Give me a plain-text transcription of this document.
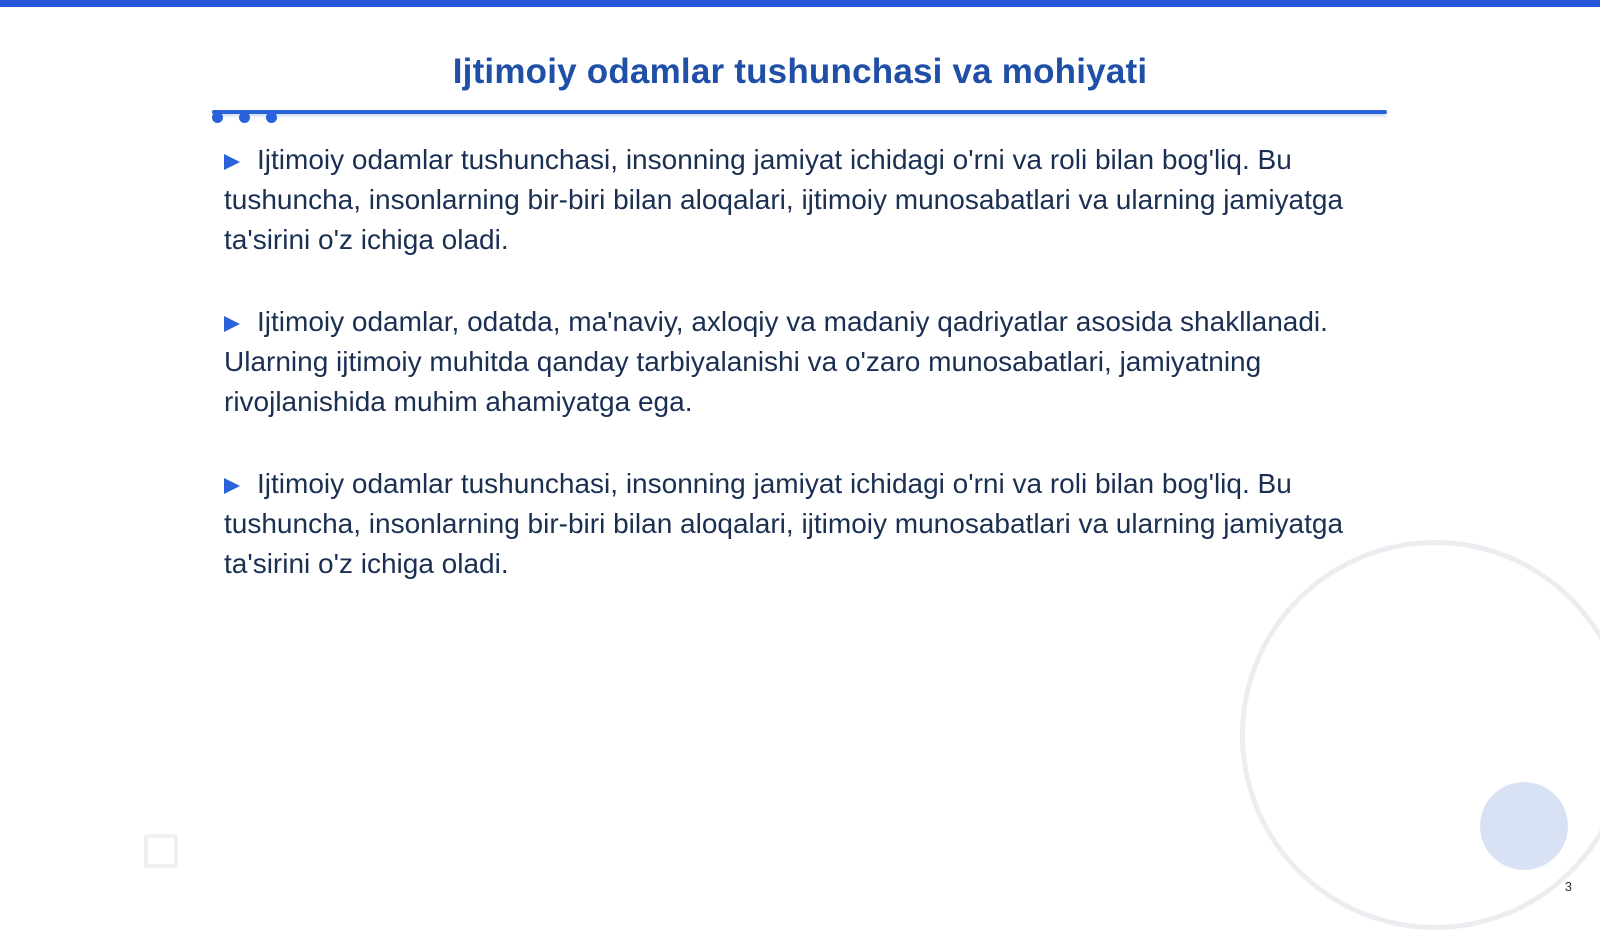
Ijtimoiy odamlar tushunchasi va mohiyati
Ijtimoiy odamlar tushunchasi, insonning jamiyat ichidagi o'rni va roli bilan bog'liq. Bu tushuncha, insonlarning bir-biri bilan aloqalari, ijtimoiy munosabatlari va ularning jamiyatga ta'sirini o'z ichiga oladi.
Ijtimoiy odamlar, odatda, ma'naviy, axloqiy va madaniy qadriyatlar asosida shakllanadi. Ularning ijtimoiy muhitda qanday tarbiyalanishi va o'zaro munosabatlari, jamiyatning rivojlanishida muhim ahamiyatga ega.
Ijtimoiy odamlar tushunchasi, insonning jamiyat ichidagi o'rni va roli bilan bog'liq. Bu tushuncha, insonlarning bir-biri bilan aloqalari, ijtimoiy munosabatlari va ularning jamiyatga ta'sirini o'z ichiga oladi.
3
